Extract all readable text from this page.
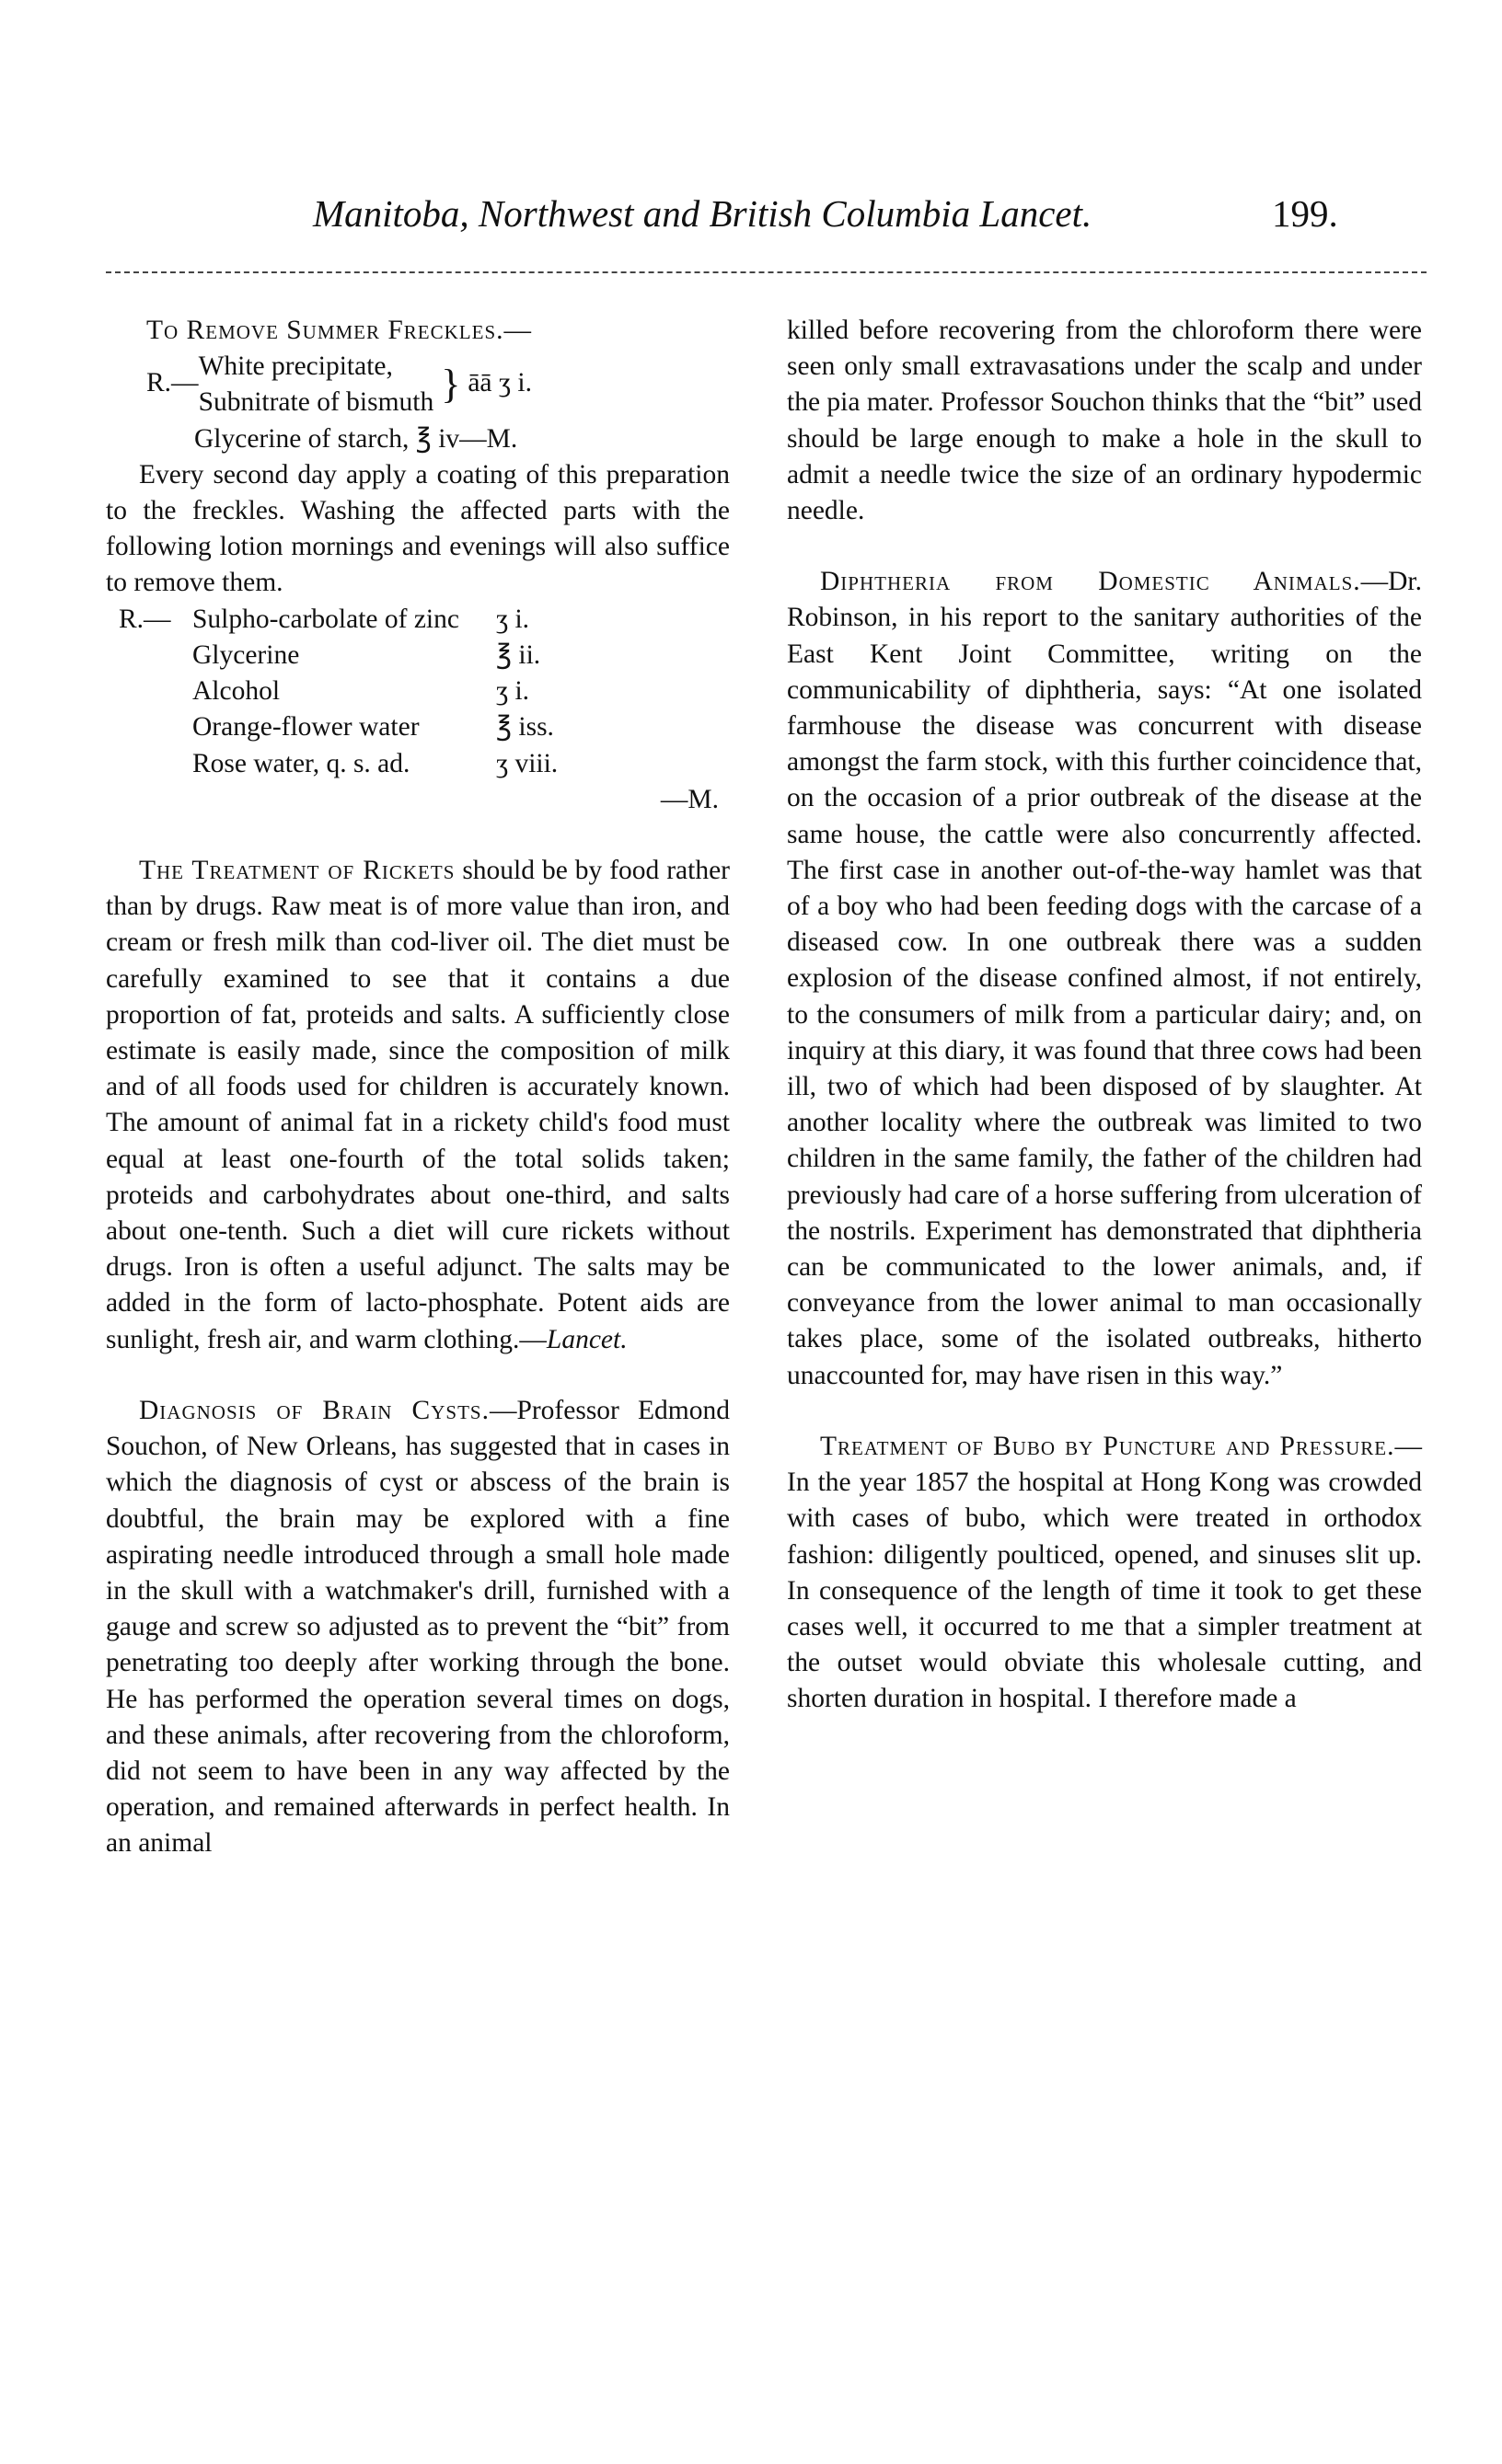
Manitoba, Northwest and British Columbia Lancet.	199.
To Remove Summer Freckles.—
R.—
White precipitate,
Subnitrate of bismuth } āā ʒ i.
Glycerine of starch, ℥ iv—M.

Every second day apply a coating of this preparation to the freckles. Washing the affected parts with the following lotion mornings and evenings will also suffice to remove them.

R.— Sulpho-carbolate of zinc	ʒ i.
Glycerine	℥ ii.
Alcohol	ʒ i.
Orange-flower water	℥ iss.
Rose water, q. s. ad.	ʒ viii.
—M.

The Treatment of Rickets should be by food rather than by drugs. Raw meat is of more value than iron, and cream or fresh milk than cod-liver oil. The diet must be carefully examined to see that it contains a due proportion of fat, proteids and salts. A sufficiently close estimate is easily made, since the composition of milk and of all foods used for children is accurately known. The amount of animal fat in a rickety child's food must equal at least one-fourth of the total solids taken; proteids and carbohydrates about one-third, and salts about one-tenth. Such a diet will cure rickets without drugs. Iron is often a useful adjunct. The salts may be added in the form of lacto-phosphate. Potent aids are sunlight, fresh air, and warm clothing.—Lancet.

Diagnosis of Brain Cysts.—Professor Edmond Souchon, of New Orleans, has suggested that in cases in which the diagnosis of cyst or abscess of the brain is doubtful, the brain may be explored with a fine aspirating needle introduced through a small hole made in the skull with a watchmaker's drill, furnished with a gauge and screw so adjusted as to prevent the “bit” from penetrating too deeply after working through the bone. He has performed the operation several times on dogs, and these animals, after recovering from the chloroform, did not seem to have been in any way affected by the operation, and remained afterwards in perfect health. In an animal

killed before recovering from the chloroform there were seen only small extravasations under the scalp and under the pia mater. Professor Souchon thinks that the “bit” used should be large enough to make a hole in the skull to admit a needle twice the size of an ordinary hypodermic needle.

Diphtheria from Domestic Animals.—Dr. Robinson, in his report to the sanitary authorities of the East Kent Joint Committee, writing on the communicability of diphtheria, says: “At one isolated farmhouse the disease was concurrent with disease amongst the farm stock, with this further coincidence that, on the occasion of a prior outbreak of the disease at the same house, the cattle were also concurrently affected. The first case in another out-of-the-way hamlet was that of a boy who had been feeding dogs with the carcase of a diseased cow. In one outbreak there was a sudden explosion of the disease confined almost, if not entirely, to the consumers of milk from a particular dairy; and, on inquiry at this diary, it was found that three cows had been ill, two of which had been disposed of by slaughter. At another locality where the outbreak was limited to two children in the same family, the father of the children had previously had care of a horse suffering from ulceration of the nostrils. Experiment has demonstrated that diphtheria can be communicated to the lower animals, and, if conveyance from the lower animal to man occasionally takes place, some of the isolated outbreaks, hitherto unaccounted for, may have risen in this way.”

Treatment of Bubo by Puncture and Pressure.—In the year 1857 the hospital at Hong Kong was crowded with cases of bubo, which were treated in orthodox fashion: diligently poulticed, opened, and sinuses slit up. In consequence of the length of time it took to get these cases well, it occurred to me that a simpler treatment at the outset would obviate this wholesale cutting, and shorten duration in hospital. I therefore made a
